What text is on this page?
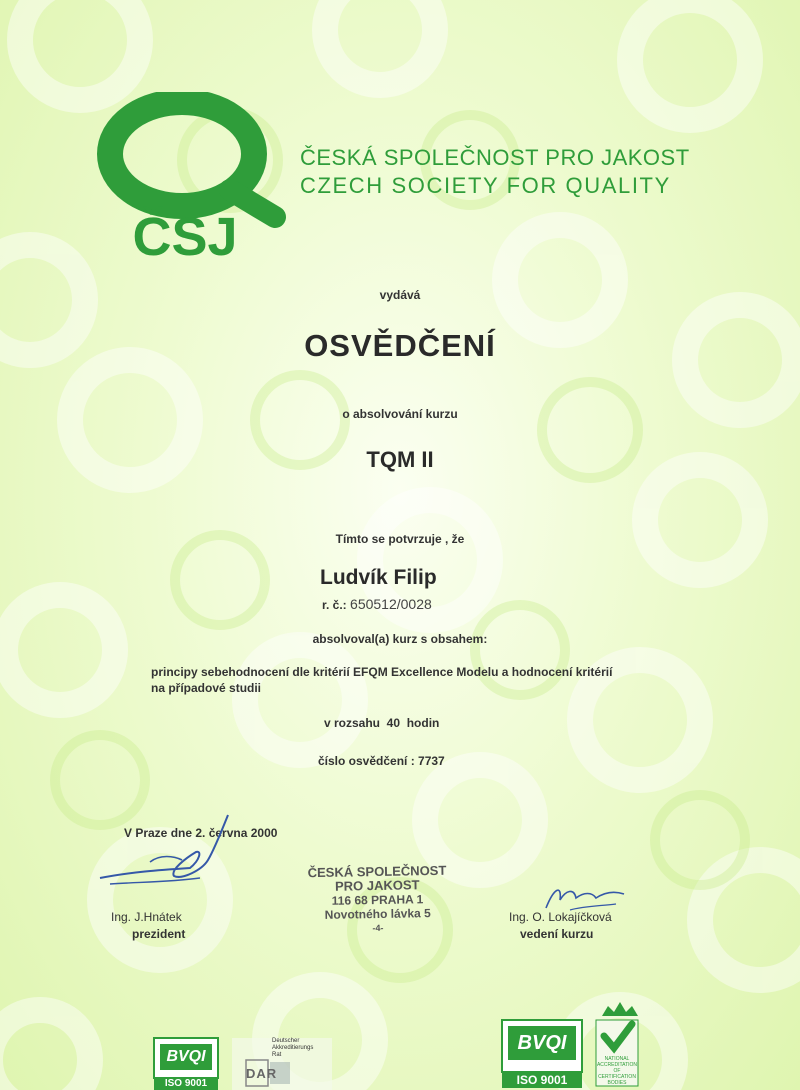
ČSJ
ČESKÁ SPOLEČNOST PRO JAKOST
CZECH SOCIETY FOR QUALITY
vydává
OSVĚDČENÍ
o absolvování kurzu
TQM II
Tímto se potvrzuje , že
Ludvík Filip
r. č.: 650512/0028
absolvoval(a) kurz s obsahem:
principy sebehodnocení dle kritérií EFQM Excellence Modelu a hodnocení kritérií
na případové studii
v rozsahu  40  hodin
číslo osvědčení : 7737
V Praze dne 2. června 2000
Ing. J.Hnátek
prezident
ČESKÁ SPOLEČNOST
PRO JAKOST
116 68 PRAHA 1
Novotného lávka 5
-4-
Ing. O. Lokajíčková
vedení kurzu
BVQI
ISO 9001
Deutscher
Akkreditierungs
Rat
DAR
BVQI
ISO 9001
NATIONAL
ACCREDITATION
OF CERTIFICATION
BODIES
